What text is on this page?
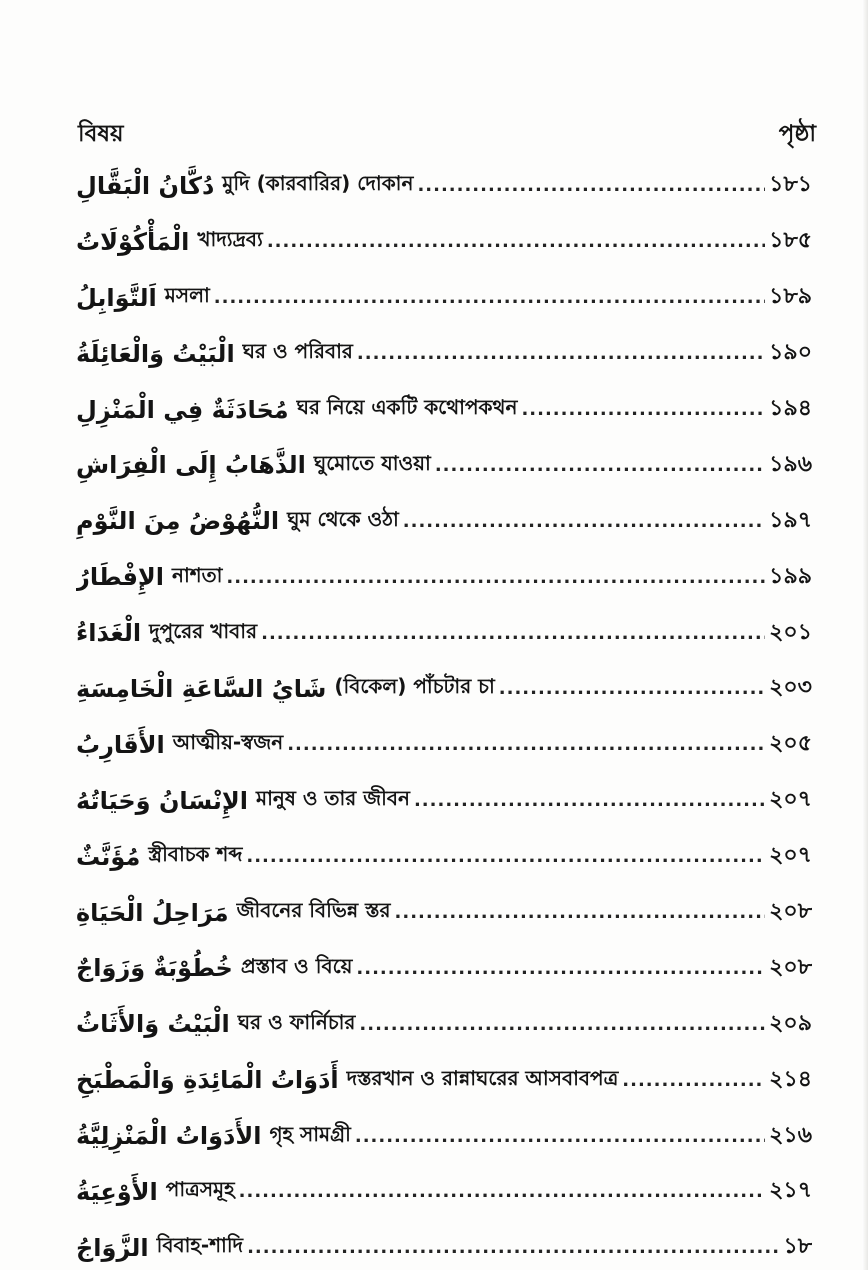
বিষয়	পৃষ্ঠা
دُكَّانُ الْبَقَّالِ মুদি (কারবারির) দোকান .....	১৮১
الْمَأْكُوْلَاتُ খাদ্যদ্রব্য .....	১৮৫
اَلتَّوَابِلُ মসলা .....	১৮৯
الْبَيْتُ وَالْعَائِلَةُ ঘর ও পরিবার .....	১৯০
مُحَادَثَةٌ فِي الْمَنْزِلِ ঘর নিয়ে একটি কথোপকথন .....	১৯৪
الذَّهَابُ إِلَى الْفِرَاشِ ঘুমোতে যাওয়া .....	১৯৬
النُّهُوْضُ مِنَ النَّوْمِ ঘুম থেকে ওঠা .....	১৯৭
الإِفْطَارُ নাশতা .....	১৯৯
الْغَدَاءُ দুপুরের খাবার .....	২০১
شَايُ السَّاعَةِ الْخَامِسَةِ (বিকেল) পাঁচটার চা .....	২০৩
الأَقَارِبُ আত্মীয়-স্বজন .....	২০৫
الإِنْسَانُ وَحَيَاتُهُ মানুষ ও তার জীবন .....	২০৭
مُؤَنَّثٌ স্ত্রীবাচক শব্দ .....	২০৭
مَرَاحِلُ الْحَيَاةِ জীবনের বিভিন্ন স্তর .....	২০৮
خُطُوْبَةٌ وَزَوَاجٌ প্রস্তাব ও বিয়ে .....	২০৮
الْبَيْتُ وَالأَثَاثُ ঘর ও ফার্নিচার .....	২০৯
أَدَوَاتُ الْمَائِدَةِ وَالْمَطْبَخِ দস্তরখান ও রান্নাঘরের আসবাবপত্র .....	২১৪
الأَدَوَاتُ الْمَنْزِلِيَّةُ গৃহ সামগ্রী .....	২১৬
الأَوْعِيَةُ পাত্রসমূহ .....	২১৭
الزَّوَاجُ বিবাহ-শাদি .....	১৮
